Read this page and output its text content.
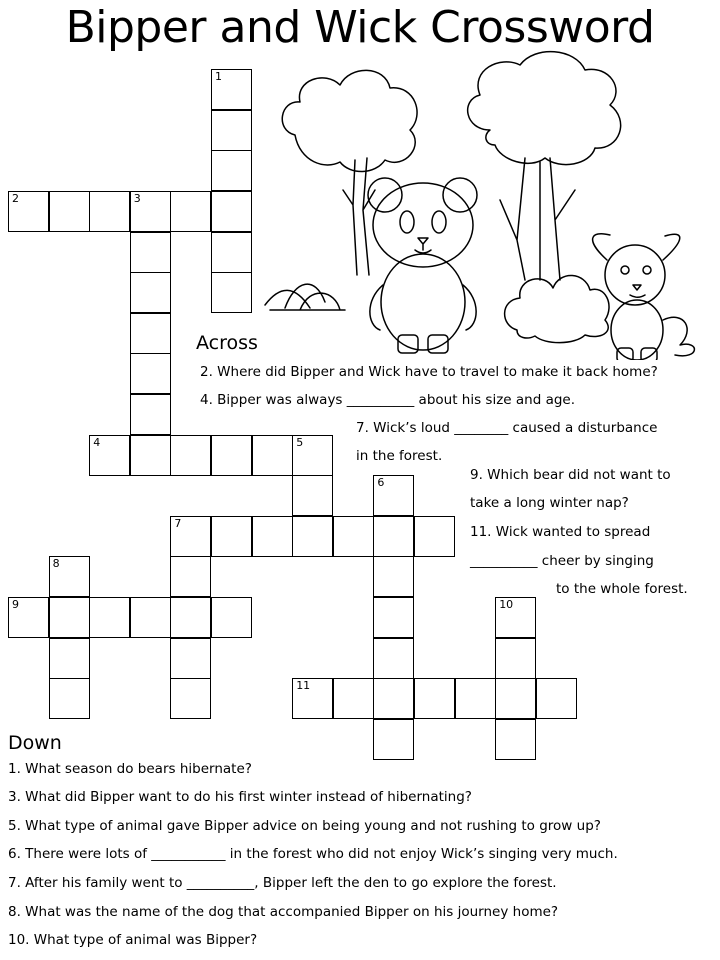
Bipper and Wick Crossword
1
2	3
4	5
6
7
8
9	10
11
Across
2. Where did Bipper and Wick have to travel to make it back home?
4. Bipper was always __________ about his size and age.
7. Wick’s loud ________ caused a disturbance
in the forest.
9. Which bear did not want to
take a long winter nap?
11. Wick wanted to spread
__________ cheer by singing
to the whole forest.
Down
1. What season do bears hibernate?
3. What did Bipper want to do his first winter instead of hibernating?
5. What type of animal gave Bipper advice on being young and not rushing to grow up?
6. There were lots of ___________ in the forest who did not enjoy Wick’s singing very much.
7. After his family went to __________, Bipper left the den to go explore the forest.
8. What was the name of the dog that accompanied Bipper on his journey home?
10. What type of animal was Bipper?
